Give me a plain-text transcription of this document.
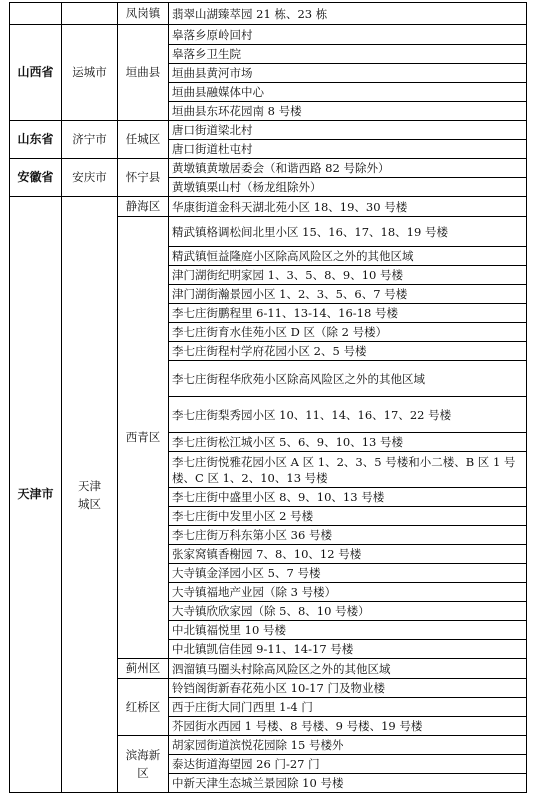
		凤岗镇	翡翠山湖臻萃园 21 栋、23 栋
山西省	运城市	垣曲县	皋落乡原岭回村
			皋落乡卫生院
			垣曲县黄河市场
			垣曲县融媒体中心
			垣曲县东环花园南 8 号楼
山东省	济宁市	任城区	唐口街道梁北村
			唐口街道杜屯村
安徽省	安庆市	怀宁县	黄墩镇黄墩居委会（和谐西路 82 号除外）
			黄墩镇栗山村（杨龙组除外）
天津市	天津城区	静海区	华康街道金科天湖北苑小区 18、19、30 号楼
		西青区	精武镇格调松间北里小区 15、16、17、18、19 号楼
			精武镇恒益隆庭小区除高风险区之外的其他区域
			津门湖街纪明家园 1、3、5、8、9、10 号楼
			津门湖街瀚景园小区 1、2、3、5、6、7 号楼
			李七庄街鹏程里 6-11、13-14、16-18 号楼
			李七庄街育水佳苑小区 D 区（除 2 号楼）
			李七庄街程村学府花园小区 2、5 号楼
			李七庄街程华欣苑小区除高风险区之外的其他区域
			李七庄街梨秀园小区 10、11、14、16、17、22 号楼
			李七庄街松江城小区 5、6、9、10、13 号楼
			李七庄街悦雅花园小区 A 区 1、2、3、5 号楼和小二楼、B 区 1 号楼、C 区 1、2、10、13 号楼
			李七庄街中盛里小区 8、9、10、13 号楼
			李七庄街中发里小区 2 号楼
			李七庄街万科东第小区 36 号楼
			张家窝镇香榭园 7、8、10、12 号楼
			大寺镇金泽园小区 5、7 号楼
			大寺镇福地产业园（除 3 号楼）
			大寺镇欣欣家园（除 5、8、10 号楼）
			中北镇福悦里 10 号楼
			中北镇凯信佳园 9-11、14-17 号楼
		蓟州区	泗溜镇马圈头村除高风险区之外的其他区域
		红桥区	铃铛阁街新春花苑小区 10-17 门及物业楼
			西于庄街大同门西里 1-4 门
			芥园街水西园 1 号楼、8 号楼、9 号楼、19 号楼
		滨海新区	胡家园街道滨悦花园除 15 号楼外
			泰达街道海望园 26 门-27 门
			中新天津生态城兰景园除 10 号楼
